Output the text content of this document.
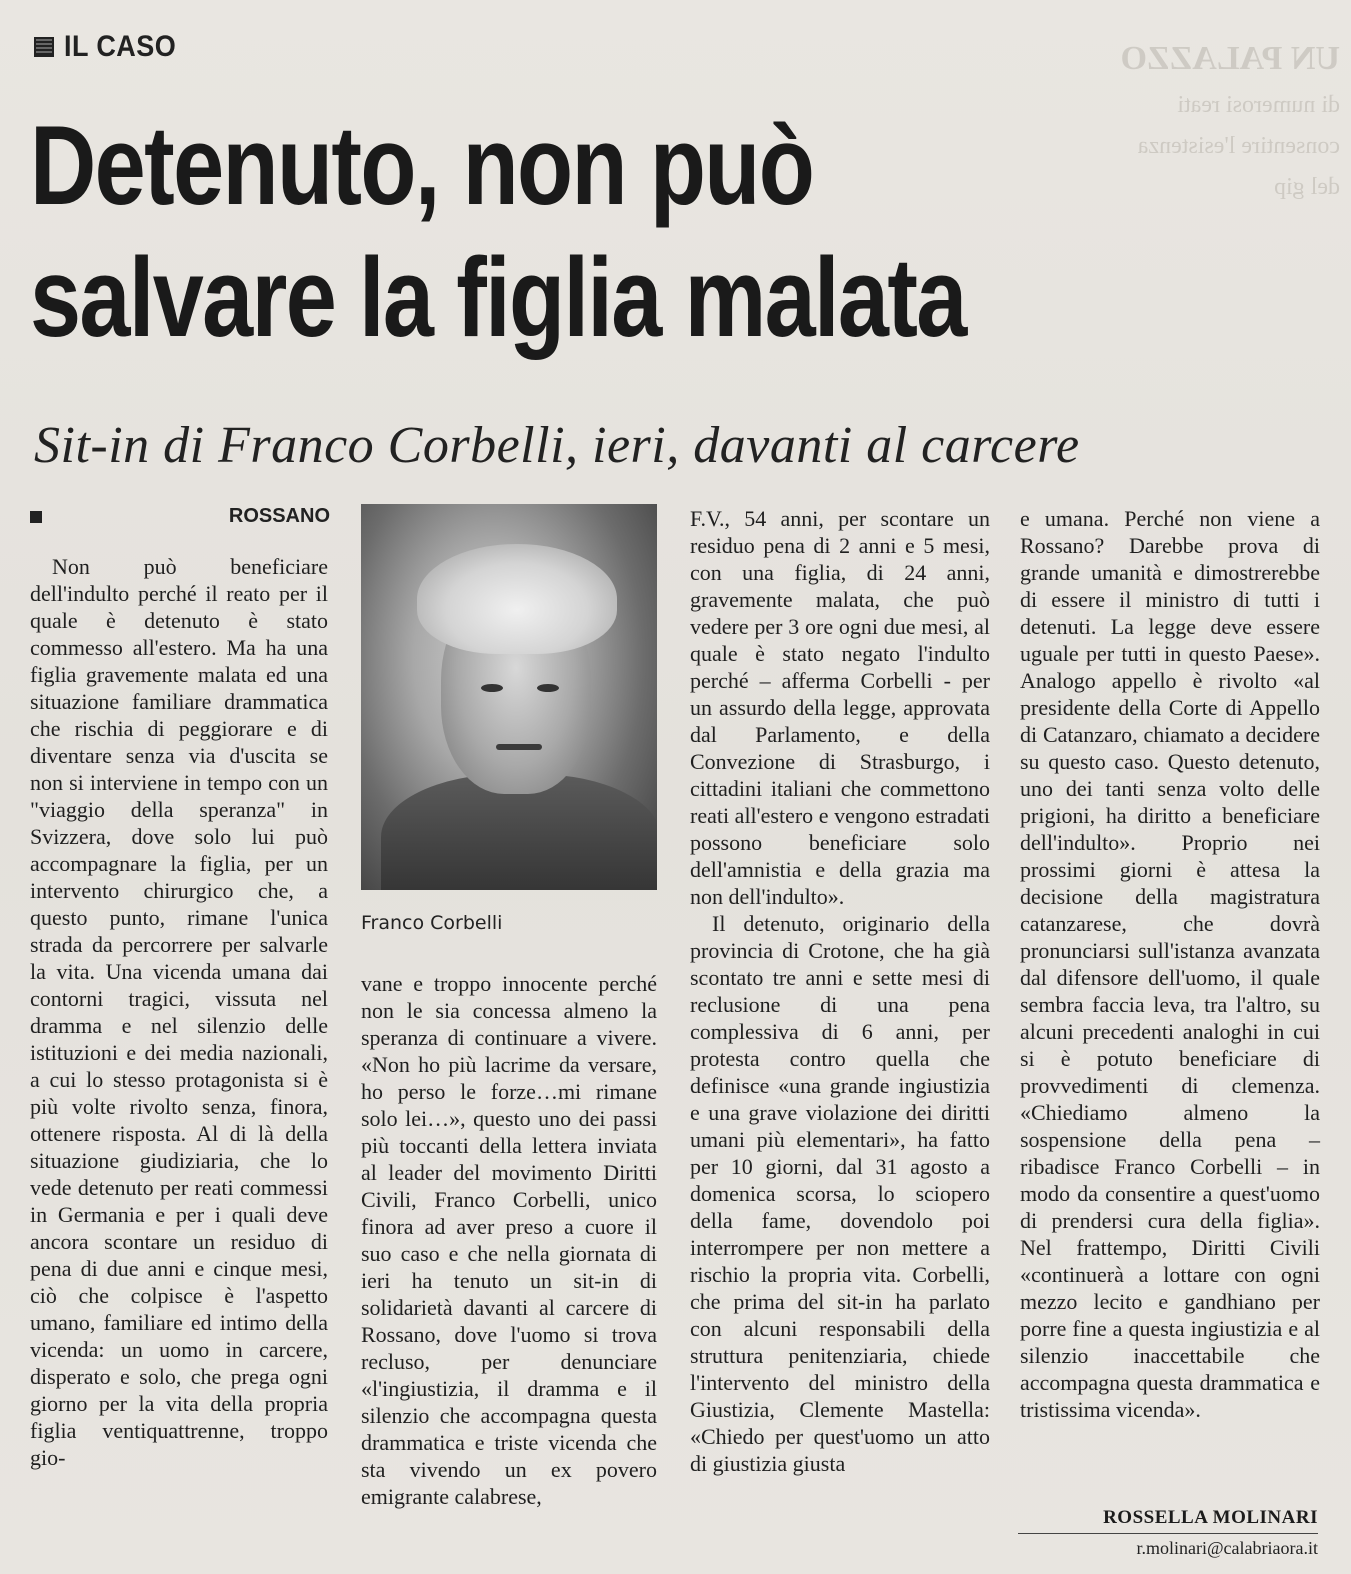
UN PALAZZO
di numerosi reati
consentire l'esistenza
del gip
IL CASO
Detenuto, non può
salvare la figlia malata
Sit-in di Franco Corbelli, ieri, davanti al carcere
ROSSANO

Non può beneficiare dell'indulto perché il reato per il quale è detenuto è stato commesso all'estero. Ma ha una figlia gravemente malata ed una situazione familiare drammatica che rischia di peggiorare e di diventare senza via d'uscita se non si interviene in tempo con un "viaggio della speranza" in Svizzera, dove solo lui può accompagnare la figlia, per un intervento chirurgico che, a questo punto, rimane l'unica strada da percorrere per salvarle la vita. Una vicenda umana dai contorni tragici, vissuta nel dramma e nel silenzio delle istituzioni e dei media nazionali, a cui lo stesso protagonista si è più volte rivolto senza, finora, ottenere risposta. Al di là della situazione giudiziaria, che lo vede detenuto per reati commessi in Germania e per i quali deve ancora scontare un residuo di pena di due anni e cinque mesi, ciò che colpisce è l'aspetto umano, familiare ed intimo della vicenda: un uomo in carcere, disperato e solo, che prega ogni giorno per la vita della propria figlia ventiquattrenne, troppo gio-

Franco Corbelli

vane e troppo innocente perché non le sia concessa almeno la speranza di continuare a vivere. «Non ho più lacrime da versare, ho perso le forze…mi rimane solo lei…», questo uno dei passi più toccanti della lettera inviata al leader del movimento Diritti Civili, Franco Corbelli, unico finora ad aver preso a cuore il suo caso e che nella giornata di ieri ha tenuto un sit-in di solidarietà davanti al carcere di Rossano, dove l'uomo si trova recluso, per denunciare «l'ingiustizia, il dramma e il silenzio che accompagna questa drammatica e triste vicenda che sta vivendo un ex povero emigrante calabrese,

F.V., 54 anni, per scontare un residuo pena di 2 anni e 5 mesi, con una figlia, di 24 anni, gravemente malata, che può vedere per 3 ore ogni due mesi, al quale è stato negato l'indulto perché – afferma Corbelli - per un assurdo della legge, approvata dal Parlamento, e della Convezione di Strasburgo, i cittadini italiani che commettono reati all'estero e vengono estradati possono beneficiare solo dell'amnistia e della grazia ma non dell'indulto».

Il detenuto, originario della provincia di Crotone, che ha già scontato tre anni e sette mesi di reclusione di una pena complessiva di 6 anni, per protesta contro quella che definisce «una grande ingiustizia e una grave violazione dei diritti umani più elementari», ha fatto per 10 giorni, dal 31 agosto a domenica scorsa, lo sciopero della fame, dovendolo poi interrompere per non mettere a rischio la propria vita. Corbelli, che prima del sit-in ha parlato con alcuni responsabili della struttura penitenziaria, chiede l'intervento del ministro della Giustizia, Clemente Mastella: «Chiedo per quest'uomo un atto di giustizia giusta

e umana. Perché non viene a Rossano? Darebbe prova di grande umanità e dimostrerebbe di essere il ministro di tutti i detenuti. La legge deve essere uguale per tutti in questo Paese». Analogo appello è rivolto «al presidente della Corte di Appello di Catanzaro, chiamato a decidere su questo caso. Questo detenuto, uno dei tanti senza volto delle prigioni, ha diritto a beneficiare dell'indulto». Proprio nei prossimi giorni è attesa la decisione della magistratura catanzarese, che dovrà pronunciarsi sull'istanza avanzata dal difensore dell'uomo, il quale sembra faccia leva, tra l'altro, su alcuni precedenti analoghi in cui si è potuto beneficiare di provvedimenti di clemenza. «Chiediamo almeno la sospensione della pena – ribadisce Franco Corbelli – in modo da consentire a quest'uomo di prendersi cura della figlia». Nel frattempo, Diritti Civili «continuerà a lottare con ogni mezzo lecito e gandhiano per porre fine a questa ingiustizia e al silenzio inaccettabile che accompagna questa drammatica e tristissima vicenda».

ROSSELLA MOLINARI
r.molinari@calabriaora.it
